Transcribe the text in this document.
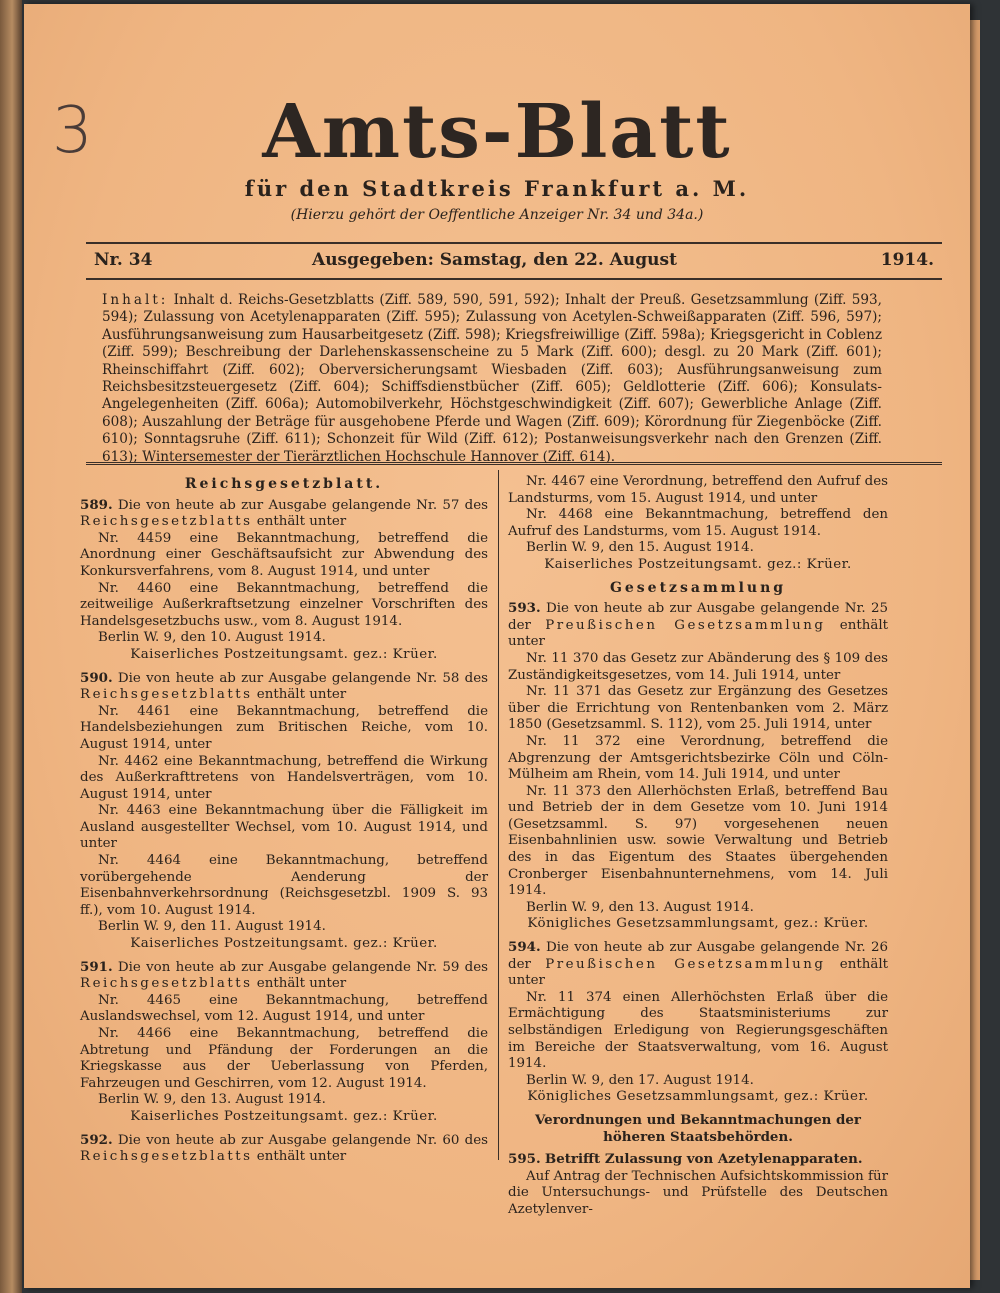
3	Amts-Blatt
für den Stadtkreis Frankfurt a. M.
(Hierzu gehört der Oeffentliche Anzeiger Nr. 34 und 34a.)
Nr. 34	Ausgegeben: Samstag, den 22. August	1914.
Inhalt: Inhalt d. Reichs-Gesetzblatts (Ziff. 589, 590, 591, 592); Inhalt der Preuß. Gesetzsammlung (Ziff. 593, 594); Zulassung von Acetylenapparaten (Ziff. 595); Zulassung von Acetylen-Schweißapparaten (Ziff. 596, 597); Ausführungsanweisung zum Hausarbeitgesetz (Ziff. 598); Kriegsfreiwillige (Ziff. 598a); Kriegsgericht in Coblenz (Ziff. 599); Beschreibung der Darlehenskassenscheine zu 5 Mark (Ziff. 600); desgl. zu 20 Mark (Ziff. 601); Rheinschiffahrt (Ziff. 602); Oberversicherungsamt Wiesbaden (Ziff. 603); Ausführungsanweisung zum Reichsbesitzsteuergesetz (Ziff. 604); Schiffsdienstbücher (Ziff. 605); Geldlotterie (Ziff. 606); Konsulats-Angelegenheiten (Ziff. 606a); Automobilverkehr, Höchstgeschwindigkeit (Ziff. 607); Gewerbliche Anlage (Ziff. 608); Auszahlung der Beträge für ausgehobene Pferde und Wagen (Ziff. 609); Körordnung für Ziegenböcke (Ziff. 610); Sonntagsruhe (Ziff. 611); Schonzeit für Wild (Ziff. 612); Postanweisungsverkehr nach den Grenzen (Ziff. 613); Wintersemester der Tierärztlichen Hochschule Hannover (Ziff. 614).

Reichsgesetzblatt.

589. Die von heute ab zur Ausgabe gelangende Nr. 57 des Reichsgesetzblatts enthält unter

Nr. 4459 eine Bekanntmachung, betreffend die Anordnung einer Geschäftsaufsicht zur Abwendung des Konkursverfahrens, vom 8. August 1914, und unter

Nr. 4460 eine Bekanntmachung, betreffend die zeitweilige Außerkraftsetzung einzelner Vorschriften des Handelsgesetzbuchs usw., vom 8. August 1914.

Berlin W. 9, den 10. August 1914.

Kaiserliches Postzeitungsamt. gez.: Krüer.

590. Die von heute ab zur Ausgabe gelangende Nr. 58 des Reichsgesetzblatts enthält unter

Nr. 4461 eine Bekanntmachung, betreffend die Handelsbeziehungen zum Britischen Reiche, vom 10. August 1914, unter

Nr. 4462 eine Bekanntmachung, betreffend die Wirkung des Außerkrafttretens von Handelsverträgen, vom 10. August 1914, unter

Nr. 4463 eine Bekanntmachung über die Fälligkeit im Ausland ausgestellter Wechsel, vom 10. August 1914, und unter

Nr. 4464 eine Bekanntmachung, betreffend vorübergehende Aenderung der Eisenbahnverkehrsordnung (Reichsgesetzbl. 1909 S. 93 ff.), vom 10. August 1914.

Berlin W. 9, den 11. August 1914.

Kaiserliches Postzeitungsamt. gez.: Krüer.

591. Die von heute ab zur Ausgabe gelangende Nr. 59 des Reichsgesetzblatts enthält unter

Nr. 4465 eine Bekanntmachung, betreffend Auslandswechsel, vom 12. August 1914, und unter

Nr. 4466 eine Bekanntmachung, betreffend die Abtretung und Pfändung der Forderungen an die Kriegskasse aus der Ueberlassung von Pferden, Fahrzeugen und Geschirren, vom 12. August 1914.

Berlin W. 9, den 13. August 1914.

Kaiserliches Postzeitungsamt. gez.: Krüer.

592. Die von heute ab zur Ausgabe gelangende Nr. 60 des Reichsgesetzblatts enthält unter

Nr. 4467 eine Verordnung, betreffend den Aufruf des Landsturms, vom 15. August 1914, und unter

Nr. 4468 eine Bekanntmachung, betreffend den Aufruf des Landsturms, vom 15. August 1914.

Berlin W. 9, den 15. August 1914.

Kaiserliches Postzeitungsamt. gez.: Krüer.

Gesetzsammlung

593. Die von heute ab zur Ausgabe gelangende Nr. 25 der Preußischen Gesetzsammlung enthält unter

Nr. 11 370 das Gesetz zur Abänderung des § 109 des Zuständigkeitsgesetzes, vom 14. Juli 1914, unter

Nr. 11 371 das Gesetz zur Ergänzung des Gesetzes über die Errichtung von Rentenbanken vom 2. März 1850 (Gesetzsamml. S. 112), vom 25. Juli 1914, unter

Nr. 11 372 eine Verordnung, betreffend die Abgrenzung der Amtsgerichtsbezirke Cöln und Cöln-Mülheim am Rhein, vom 14. Juli 1914, und unter

Nr. 11 373 den Allerhöchsten Erlaß, betreffend Bau und Betrieb der in dem Gesetze vom 10. Juni 1914 (Gesetzsamml. S. 97) vorgesehenen neuen Eisenbahnlinien usw. sowie Verwaltung und Betrieb des in das Eigentum des Staates übergehenden Cronberger Eisenbahnunternehmens, vom 14. Juli 1914.

Berlin W. 9, den 13. August 1914.

Königliches Gesetzsammlungsamt, gez.: Krüer.

594. Die von heute ab zur Ausgabe gelangende Nr. 26 der Preußischen Gesetzsammlung enthält unter

Nr. 11 374 einen Allerhöchsten Erlaß über die Ermächtigung des Staatsministeriums zur selbständigen Erledigung von Regierungsgeschäften im Bereiche der Staatsverwaltung, vom 16. August 1914.

Berlin W. 9, den 17. August 1914.

Königliches Gesetzsammlungsamt, gez.: Krüer.

Verordnungen und Bekanntmachungen der höheren Staatsbehörden.

595. Betrifft Zulassung von Azetylenapparaten.

Auf Antrag der Technischen Aufsichtskommission für die Untersuchungs- und Prüfstelle des Deutschen Azetylenver-
